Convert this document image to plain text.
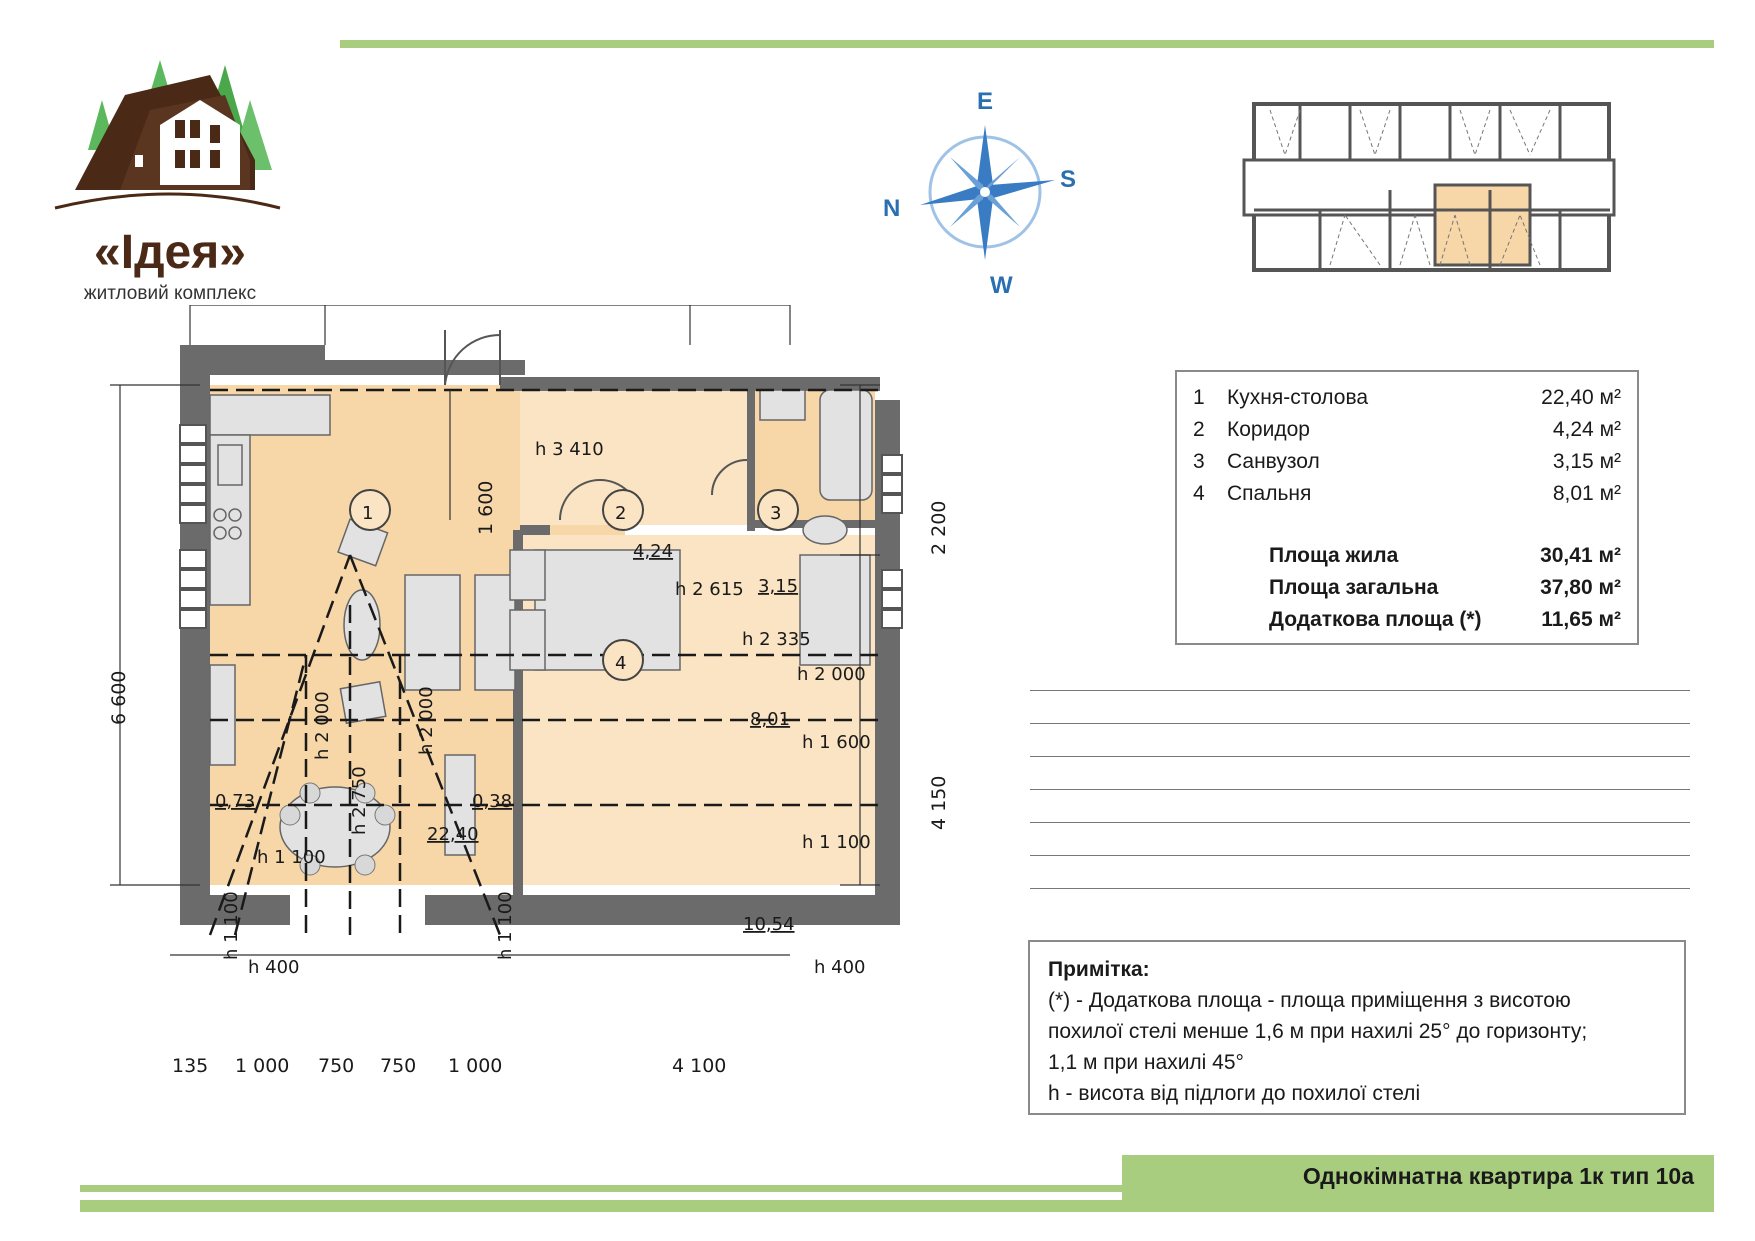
«Ідея»
житловий комплекс
E
S
N
W
135 1 000 750 750 1 000	4 100
6 600
2 200
4 150
1 600
1	2	3
4
22,40
4,24
3,15
8,01
0,73	0,38
10,54
h 3 410
h 2 615
h 2 335
h 2 000
h 1 600
h 1 100
h 400
h 1 100
h 400
h 2 000	h 2 000
h 2 750
h 1 100	h 1 100
1 Кухня-столова	22,40 м²
2 Коридор	4,24 м²
3 Санвузол	3,15 м²
4 Спальня	8,01 м²
Площа жила	30,41 м²
Площа загальна	37,80 м²
Додаткова площа (*)	11,65 м²
Примітка:
(*) - Додаткова площа - площа приміщення з висотою
похилої стелі менше 1,6 м при нахилі 25° до горизонту;
1,1 м при нахилі 45°
h - висота від підлоги до похилої стелі
Однокімнатна квартира 1к тип 10а
